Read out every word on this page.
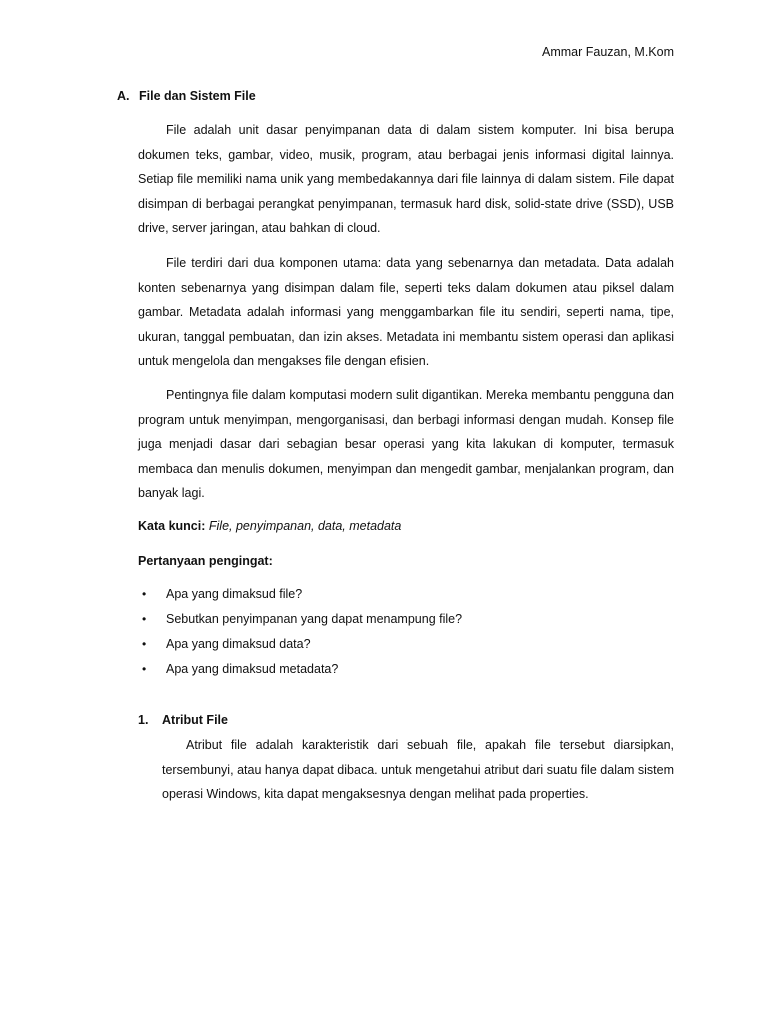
Ammar Fauzan, M.Kom
A. File dan Sistem File

File adalah unit dasar penyimpanan data di dalam sistem komputer. Ini bisa berupa dokumen teks, gambar, video, musik, program, atau berbagai jenis informasi digital lainnya. Setiap file memiliki nama unik yang membedakannya dari file lainnya di dalam sistem. File dapat disimpan di berbagai perangkat penyimpanan, termasuk hard disk, solid-state drive (SSD), USB drive, server jaringan, atau bahkan di cloud.

File terdiri dari dua komponen utama: data yang sebenarnya dan metadata. Data adalah konten sebenarnya yang disimpan dalam file, seperti teks dalam dokumen atau piksel dalam gambar. Metadata adalah informasi yang menggambarkan file itu sendiri, seperti nama, tipe, ukuran, tanggal pembuatan, dan izin akses. Metadata ini membantu sistem operasi dan aplikasi untuk mengelola dan mengakses file dengan efisien.

Pentingnya file dalam komputasi modern sulit digantikan. Mereka membantu pengguna dan program untuk menyimpan, mengorganisasi, dan berbagi informasi dengan mudah. Konsep file juga menjadi dasar dari sebagian besar operasi yang kita lakukan di komputer, termasuk membaca dan menulis dokumen, menyimpan dan mengedit gambar, menjalankan program, dan banyak lagi.

Kata kunci: File, penyimpanan, data, metadata
Pertanyaan pengingat:
•	Apa yang dimaksud file?
•	Sebutkan penyimpanan yang dapat menampung file?
•	Apa yang dimaksud data?
•	Apa yang dimaksud metadata?
1. Atribut File

Atribut file adalah karakteristik dari sebuah file, apakah file tersebut diarsipkan, tersembunyi, atau hanya dapat dibaca. untuk mengetahui atribut dari suatu file dalam sistem operasi Windows, kita dapat mengaksesnya dengan melihat pada properties.
